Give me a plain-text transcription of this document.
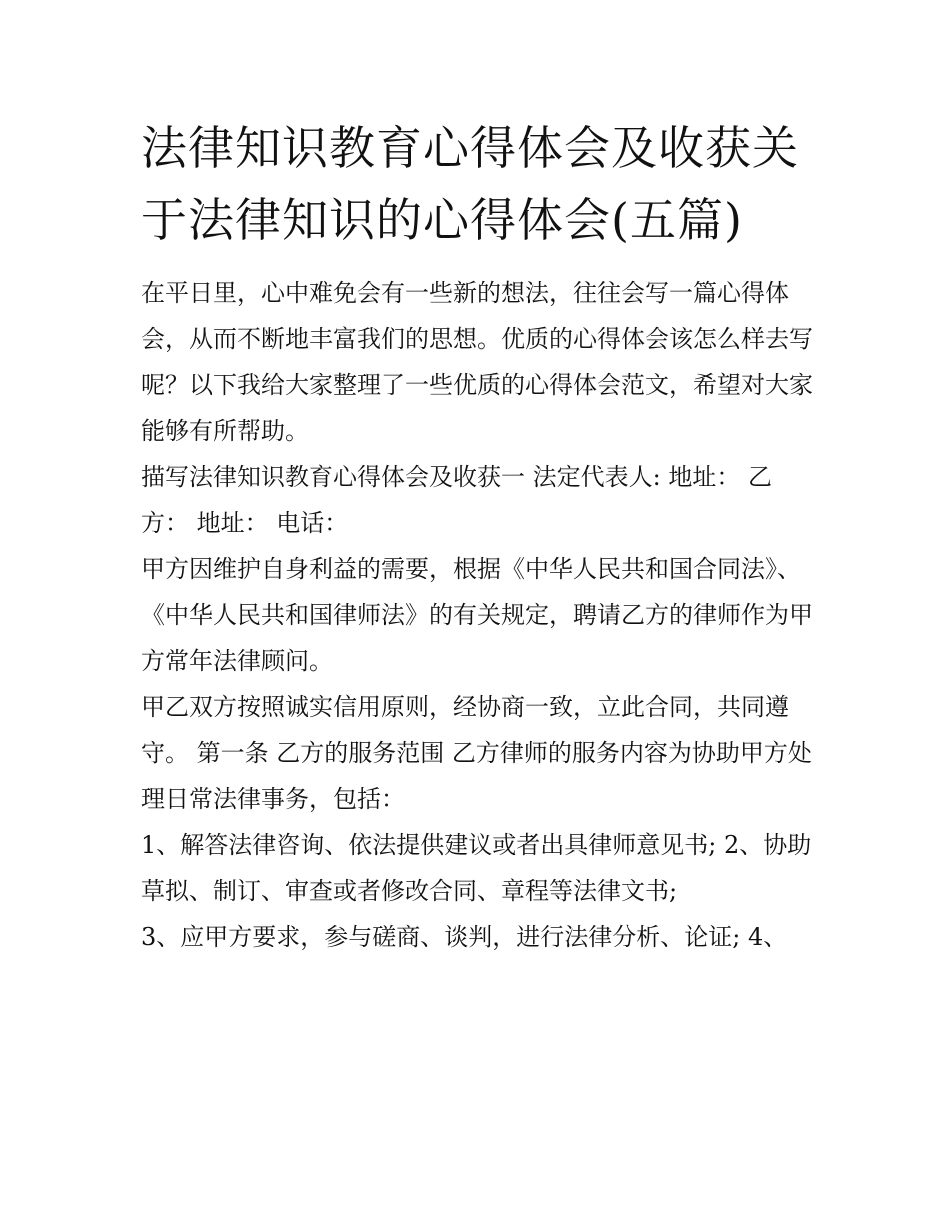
法律知识教育心得体会及收获关于法律知识的心得体会(五篇)

在平日里，心中难免会有一些新的想法，往往会写一篇心得体会，从而不断地丰富我们的思想。优质的心得体会该怎么样去写呢？以下我给大家整理了一些优质的心得体会范文，希望对大家能够有所帮助。

描写法律知识教育心得体会及收获一 法定代表人: 地址： 乙方： 地址： 电话：

甲方因维护自身利益的需要，根据《中华人民共和国合同法》、《中华人民共和国律师法》的有关规定，聘请乙方的律师作为甲方常年法律顾问。

甲乙双方按照诚实信用原则，经协商一致，立此合同，共同遵守。 第一条 乙方的服务范围 乙方律师的服务内容为协助甲方处理日常法律事务，包括：

1、解答法律咨询、依法提供建议或者出具律师意见书; 2、协助草拟、制订、审查或者修改合同、章程等法律文书;

3、应甲方要求，参与磋商、谈判，进行法律分析、论证; 4、
